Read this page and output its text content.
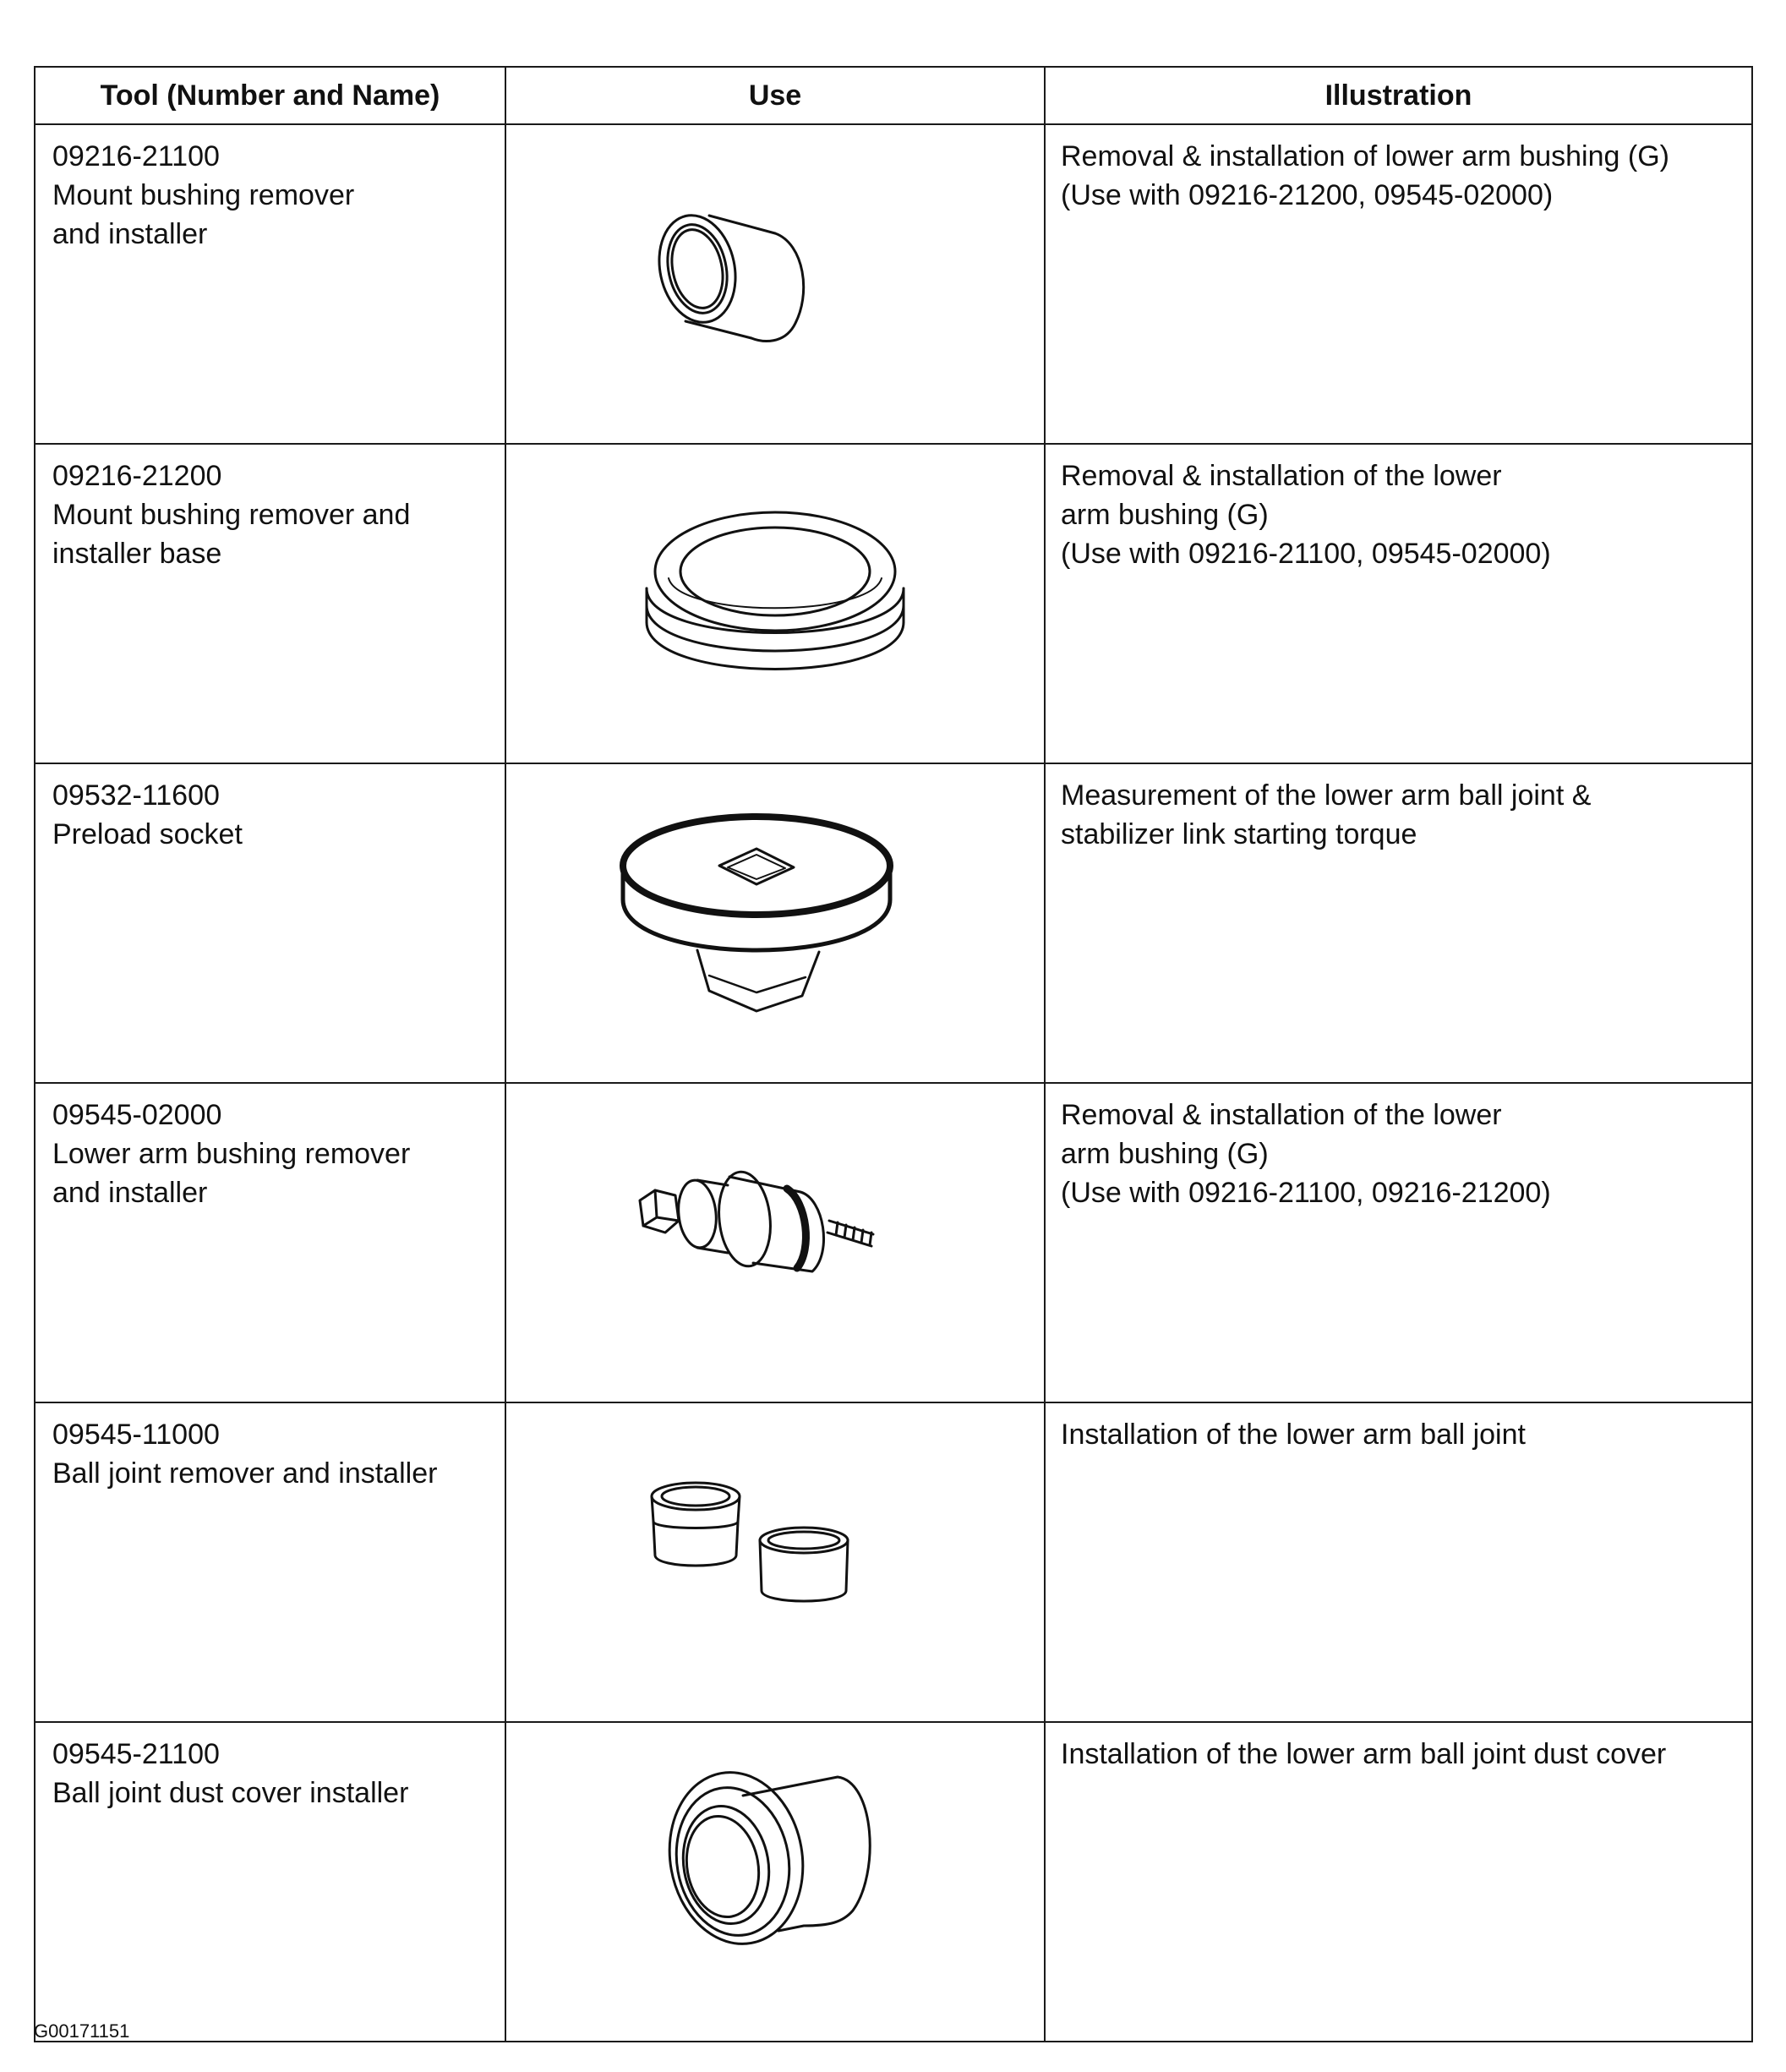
Tool (Number and Name)	Use	Illustration

09216-21100
Mount bushing remover
and installer		Removal & installation of lower arm bushing (G)
(Use with 09216-21200, 09545-02000)

09216-21200
Mount bushing remover and
installer base		Removal & installation of the lower
arm bushing (G)
(Use with 09216-21100, 09545-02000)

09532-11600
Preload socket		Measurement of the lower arm ball joint &
stabilizer link starting torque

09545-02000
Lower arm bushing remover
and installer		Removal & installation of the lower
arm bushing (G)
(Use with 09216-21100, 09216-21200)

09545-11000
Ball joint remover and installer		Installation of the lower arm ball joint

09545-21100
Ball joint dust cover installer		Installation of the lower arm ball joint dust cover
G00171151
